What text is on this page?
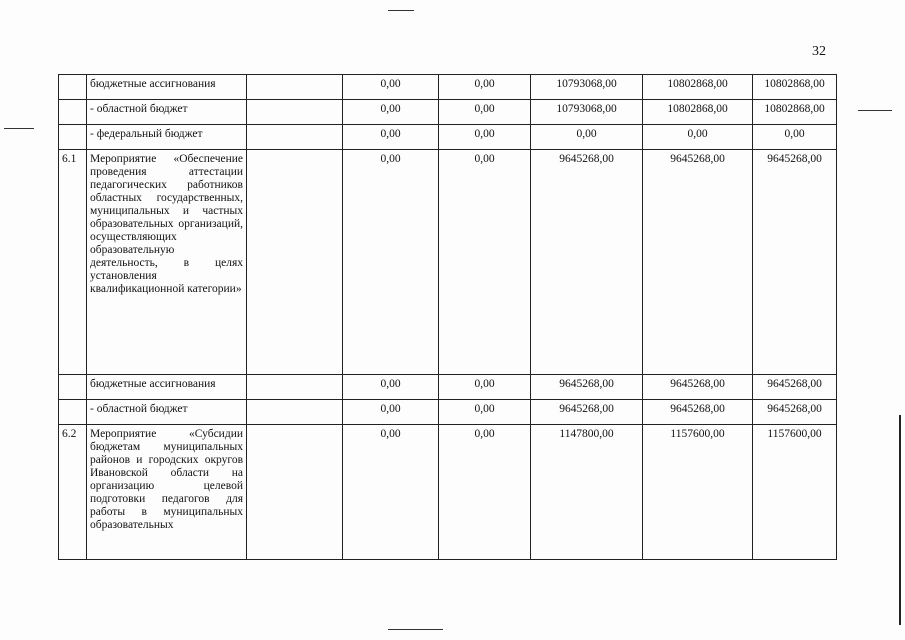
32
	бюджетные ассигнования		0,00	0,00	10793068,00	10802868,00	10802868,00
	- областной бюджет		0,00	0,00	10793068,00	10802868,00	10802868,00
	- федеральный бюджет		0,00	0,00	0,00	0,00	0,00
6.1	Мероприятие «Обеспечение проведения аттестации педагогических работников областных государственных, муниципальных и частных образовательных организаций, осуществляющих образовательную деятельность, в целях установления квалификационной категории»		0,00	0,00	9645268,00	9645268,00	9645268,00
	бюджетные ассигнования		0,00	0,00	9645268,00	9645268,00	9645268,00
	- областной бюджет		0,00	0,00	9645268,00	9645268,00	9645268,00
6.2	Мероприятие «Субсидии бюджетам муниципальных районов и городских округов Ивановской области на организацию целевой подготовки педагогов для работы в муниципальных образовательных		0,00	0,00	1147800,00	1157600,00	1157600,00
